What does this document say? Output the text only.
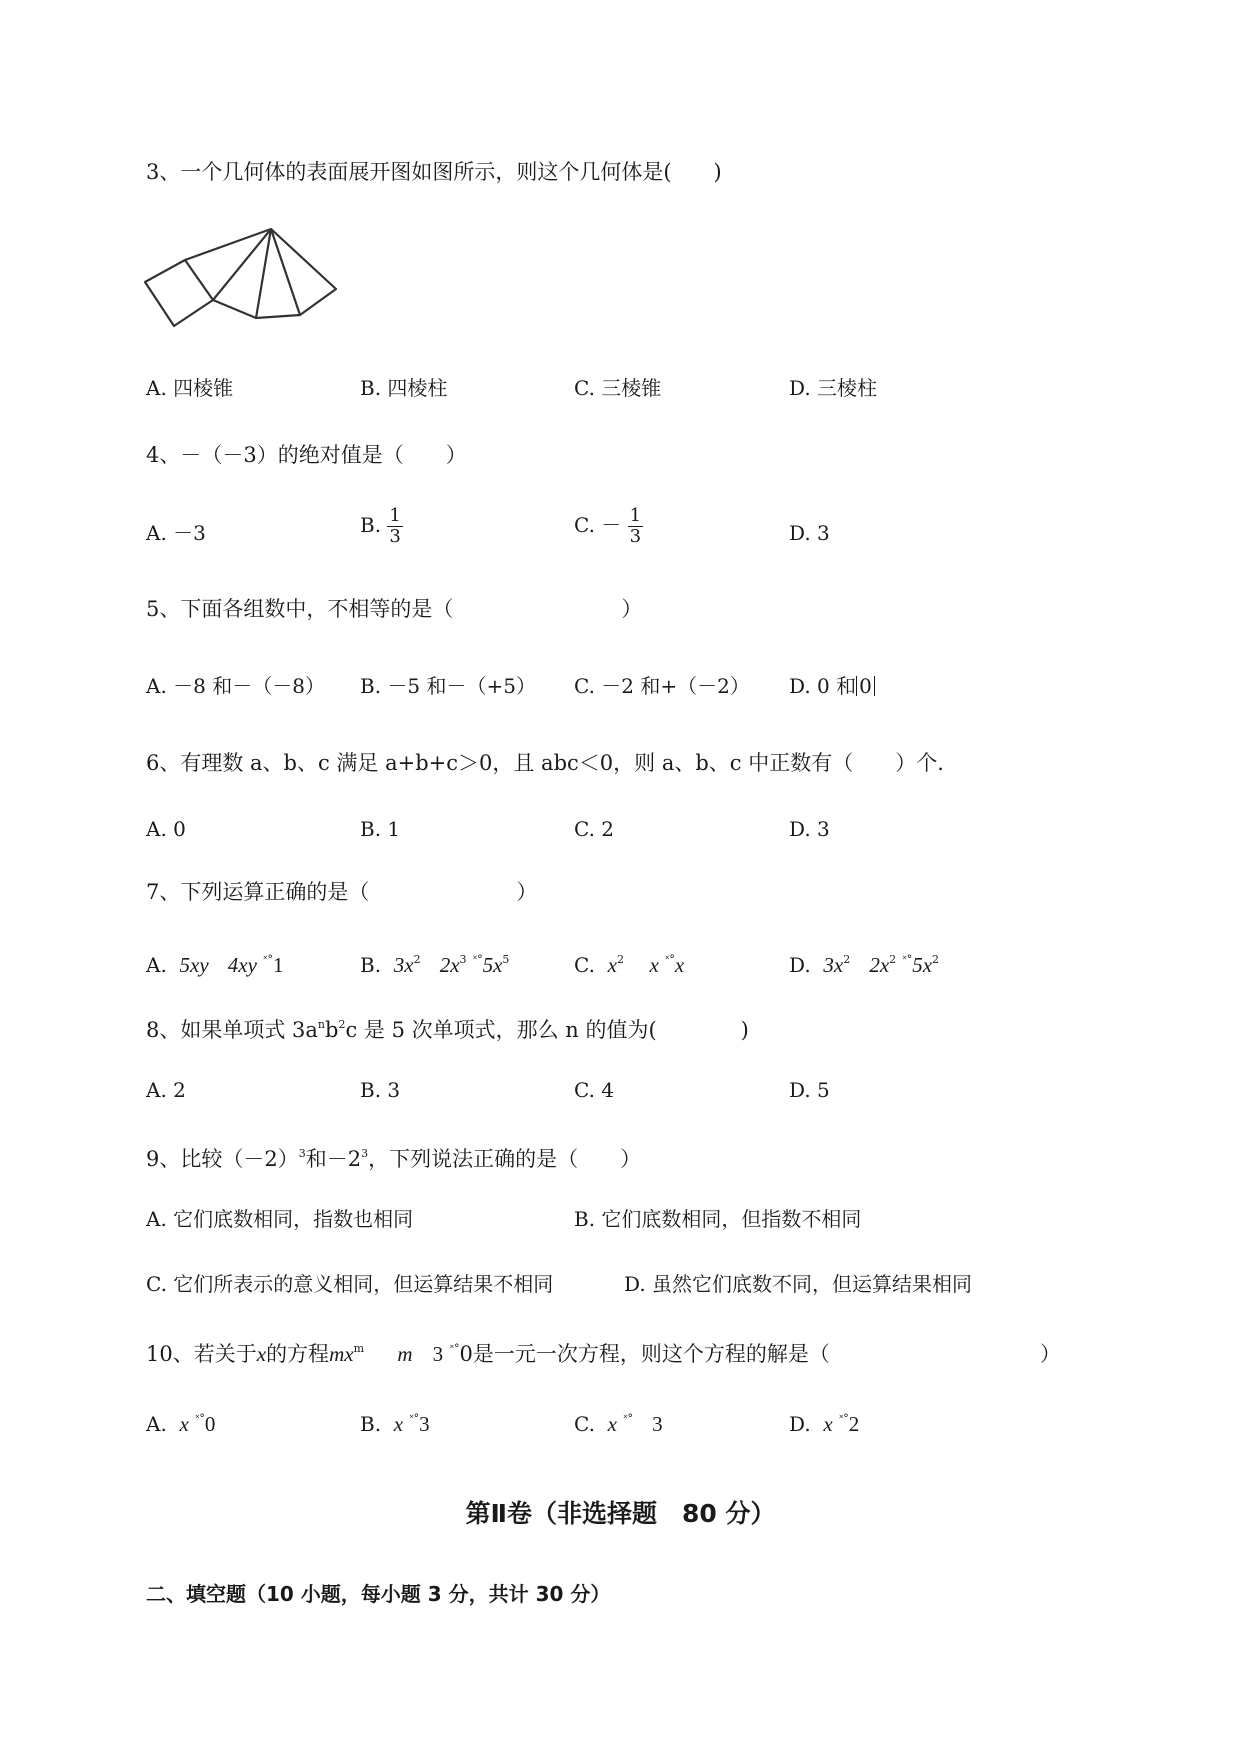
3、一个几何体的表面展开图如图所示，则这个几何体是(　　)
A. 四棱锥	B. 四棱柱	C. 三棱锥	D. 三棱柱
4、－（－3）的绝对值是（　　）
A. －3	B. $\frac{1}{3}$	C. － $\frac{1}{3}$	D. 3
5、下面各组数中，不相等的是（　　　　　　　　）
A. －8 和－（－8） B. －5 和－（+5） C. －2 和+（－2） D. 0 和 0
6、有理数 a、b、c 满足 a+b+c＞0，且 abc＜0，则 a、b、c 中正数有（　　）个.
A. 0	B. 1	C. 2	D. 3
7、下列运算正确的是（　　　　　　　）
A. 5xy 4xy ˟°1	B. $3x^2$ $2x^3$ $^{˟^\circ}5x^5$	C. $x^2$ x ˟°x	D. $3x^2$ $2x^2$ $^{˟^\circ}5x^2$
8、如果单项式 $3a^nb^2c$ 是 5 次单项式，那么 n 的值为(　　　　)
A. 2	B. 3	C. 4	D. 5
9、比较$(-2)^3$和$-2^3$，下列说法正确的是（　　）
A. 它们底数相同，指数也相同	B. 它们底数相同，但指数不相同
C. 它们所表示的意义相同，但运算结果不相同	D. 虽然它们底数不同，但运算结果相同
10、若关于x的方程$mx^m$ m 3 ˟°0是一元一次方程，则这个方程的解是（　　　　　　　　　　）
A. x ˟°0	B. x ˟°3	C. x ˟° 3	D. x ˟°2
第Ⅱ卷（非选择题　80 分）
二、填空题（10 小题，每小题 3 分，共计 30 分）
